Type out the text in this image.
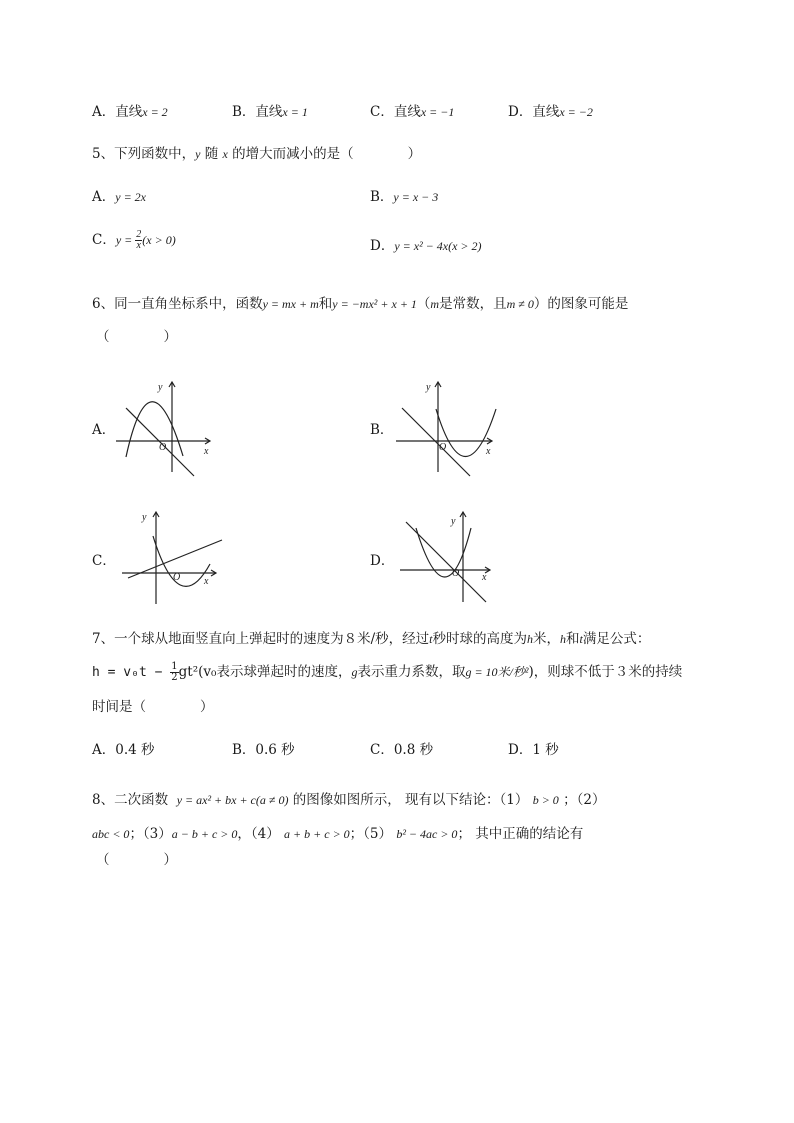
A．直线x = 2	B．直线x = 1	C．直线x = −1	D．直线x = −2
5、下列函数中，y 随 x 的增大而减小的是（　　　　）
A．y = 2x	B．y = x − 3
C．$y = \frac{2}{x} (x > 0)$	D．y = x² − 4x(x > 2)
6、同一直角坐标系中，函数y = mx + m和y = −mx² + x + 1（m是常数，且m ≠ 0）的图象可能是
（　　　　）
A．
x
y
O
B．
x
y
O
C．
x
y
O
D．
x
y
O
7、一个球从地面竖直向上弹起时的速度为８米/秒，经过t秒时球的高度为h米，h和t满足公式：
$h = v_0t - \frac{1}{2} gt^2(v_0$表示球弹起时的速度，g表示重力系数，取g = 10米/秒²)，则球不低于３米的持续
时间是（　　　　）
A．0.4 秒	B．0.6 秒	C．0.8 秒	D．1 秒
8、二次函数 y = ax² + bx + c(a ≠ 0) 的图像如图所示， 现有以下结论：（1） b > 0 ；（2）
abc < 0；（3）a − b + c > 0，（4） a + b + c > 0；（5） b² − 4ac > 0； 其中正确的结论有
（　　　　）
